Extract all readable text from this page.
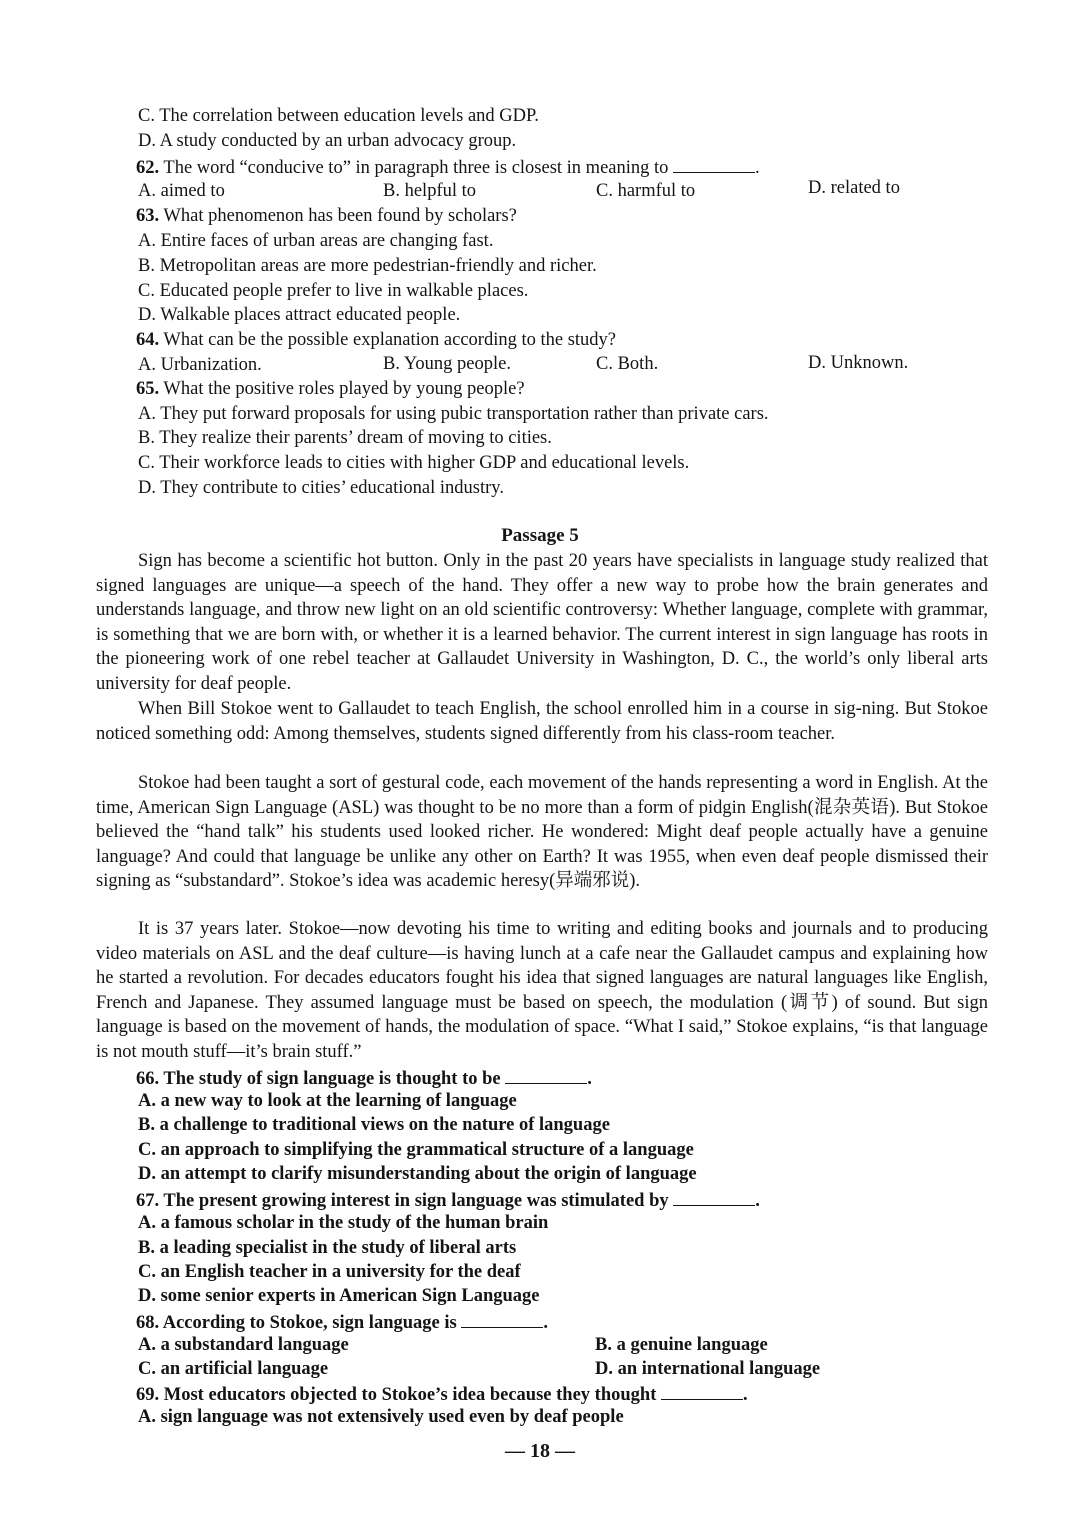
C. The correlation between education levels and GDP.
D. A study conducted by an urban advocacy group.
62. The word “conducive to” in paragraph three is closest in meaning to	.
A. aimed to	B. helpful to	C. harmful to	D. related to
63. What phenomenon has been found by scholars?
A. Entire faces of urban areas are changing fast.
B. Metropolitan areas are more pedestrian-friendly and richer.
C. Educated people prefer to live in walkable places.
D. Walkable places attract educated people.
64. What can be the possible explanation according to the study?
A. Urbanization.	B. Young people.	C. Both.	D. Unknown.
65. What the positive roles played by young people?
A. They put forward proposals for using pubic transportation rather than private cars.
B. They realize their parents’ dream of moving to cities.
C. Their workforce leads to cities with higher GDP and educational levels.
D. They contribute to cities’ educational industry.
Passage 5
Sign has become a scientific hot button. Only in the past 20 years have specialists in language study realized that signed languages are unique—a speech of the hand. They offer a new way to probe how the brain generates and understands language, and throw new light on an old scientific controversy: Whether language, complete with grammar, is something that we are born with, or whether it is a learned behavior. The current interest in sign language has roots in the pioneering work of one rebel teacher at Gallaudet University in Washington, D. C., the world’s only liberal arts university for deaf people.
When Bill Stokoe went to Gallaudet to teach English, the school enrolled him in a course in sig-ning. But Stokoe noticed something odd: Among themselves, students signed differently from his class-room teacher.
Stokoe had been taught a sort of gestural code, each movement of the hands representing a word in English. At the time, American Sign Language (ASL) was thought to be no more than a form of pidgin English(混杂英语). But Stokoe believed the “hand talk” his students used looked richer. He wondered: Might deaf people actually have a genuine language? And could that language be unlike any other on Earth? It was 1955, when even deaf people dismissed their signing as “substandard”. Stokoe’s idea was academic heresy(异端邪说).
It is 37 years later. Stokoe—now devoting his time to writing and editing books and journals and to producing video materials on ASL and the deaf culture—is having lunch at a cafe near the Gallaudet campus and explaining how he started a revolution. For decades educators fought his idea that signed languages are natural languages like English, French and Japanese. They assumed language must be based on speech, the modulation (调节) of sound. But sign language is based on the movement of hands, the modulation of space. “What I said,” Stokoe explains, “is that language is not mouth stuff—it’s brain stuff.”
66. The study of sign language is thought to be	.
A. a new way to look at the learning of language
B. a challenge to traditional views on the nature of language
C. an approach to simplifying the grammatical structure of a language
D. an attempt to clarify misunderstanding about the origin of language
67. The present growing interest in sign language was stimulated by	.
A. a famous scholar in the study of the human brain
B. a leading specialist in the study of liberal arts
C. an English teacher in a university for the deaf
D. some senior experts in American Sign Language
68. According to Stokoe, sign language is	.
A. a substandard language	B. a genuine language
C. an artificial language	D. an international language
69. Most educators objected to Stokoe’s idea because they thought	.
A. sign language was not extensively used even by deaf people
— 18 —
